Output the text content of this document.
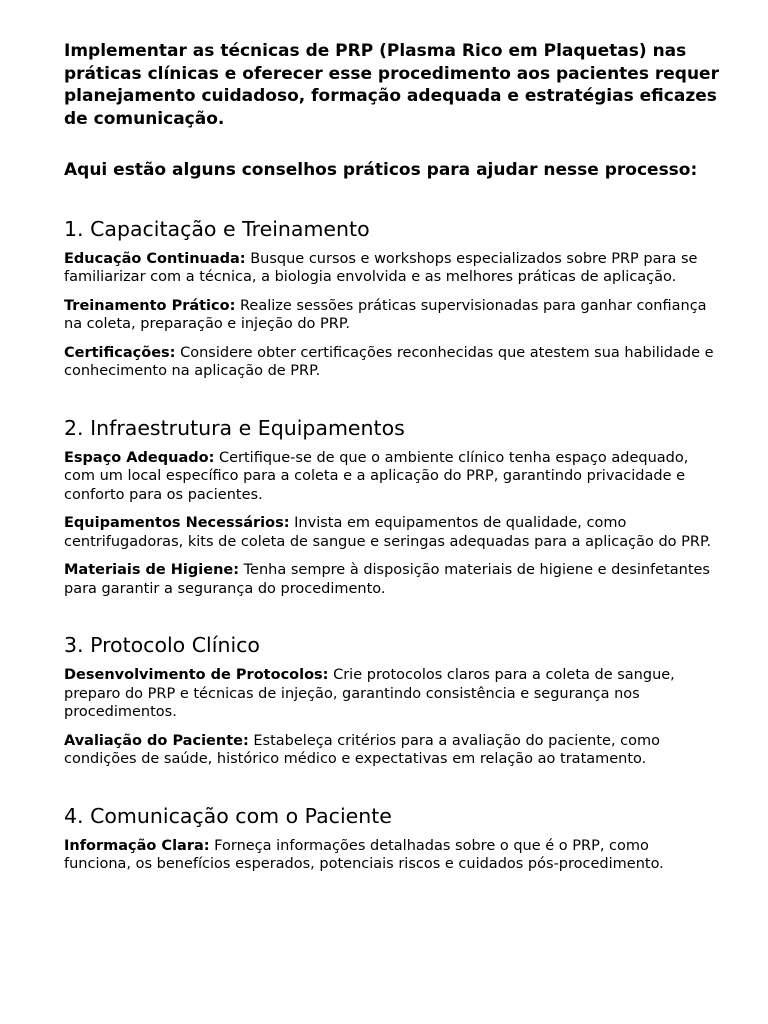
Implementar as técnicas de PRP (Plasma Rico em Plaquetas) nas práticas clínicas e oferecer esse procedimento aos pacientes requer planejamento cuidadoso, formação adequada e estratégias eficazes de comunicação.

Aqui estão alguns conselhos práticos para ajudar nesse processo:

1. Capacitação e Treinamento

Educação Continuada: Busque cursos e workshops especializados sobre PRP para se familiarizar com a técnica, a biologia envolvida e as melhores práticas de aplicação.

Treinamento Prático: Realize sessões práticas supervisionadas para ganhar confiança na coleta, preparação e injeção do PRP.

Certificações: Considere obter certificações reconhecidas que atestem sua habilidade e conhecimento na aplicação de PRP.

2. Infraestrutura e Equipamentos

Espaço Adequado: Certifique-se de que o ambiente clínico tenha espaço adequado, com um local específico para a coleta e a aplicação do PRP, garantindo privacidade e conforto para os pacientes.

Equipamentos Necessários: Invista em equipamentos de qualidade, como centrifugadoras, kits de coleta de sangue e seringas adequadas para a aplicação do PRP.

Materiais de Higiene: Tenha sempre à disposição materiais de higiene e desinfetantes para garantir a segurança do procedimento.

3. Protocolo Clínico

Desenvolvimento de Protocolos: Crie protocolos claros para a coleta de sangue, preparo do PRP e técnicas de injeção, garantindo consistência e segurança nos procedimentos.

Avaliação do Paciente: Estabeleça critérios para a avaliação do paciente, como condições de saúde, histórico médico e expectativas em relação ao tratamento.

4. Comunicação com o Paciente

Informação Clara: Forneça informações detalhadas sobre o que é o PRP, como funciona, os benefícios esperados, potenciais riscos e cuidados pós-procedimento.
